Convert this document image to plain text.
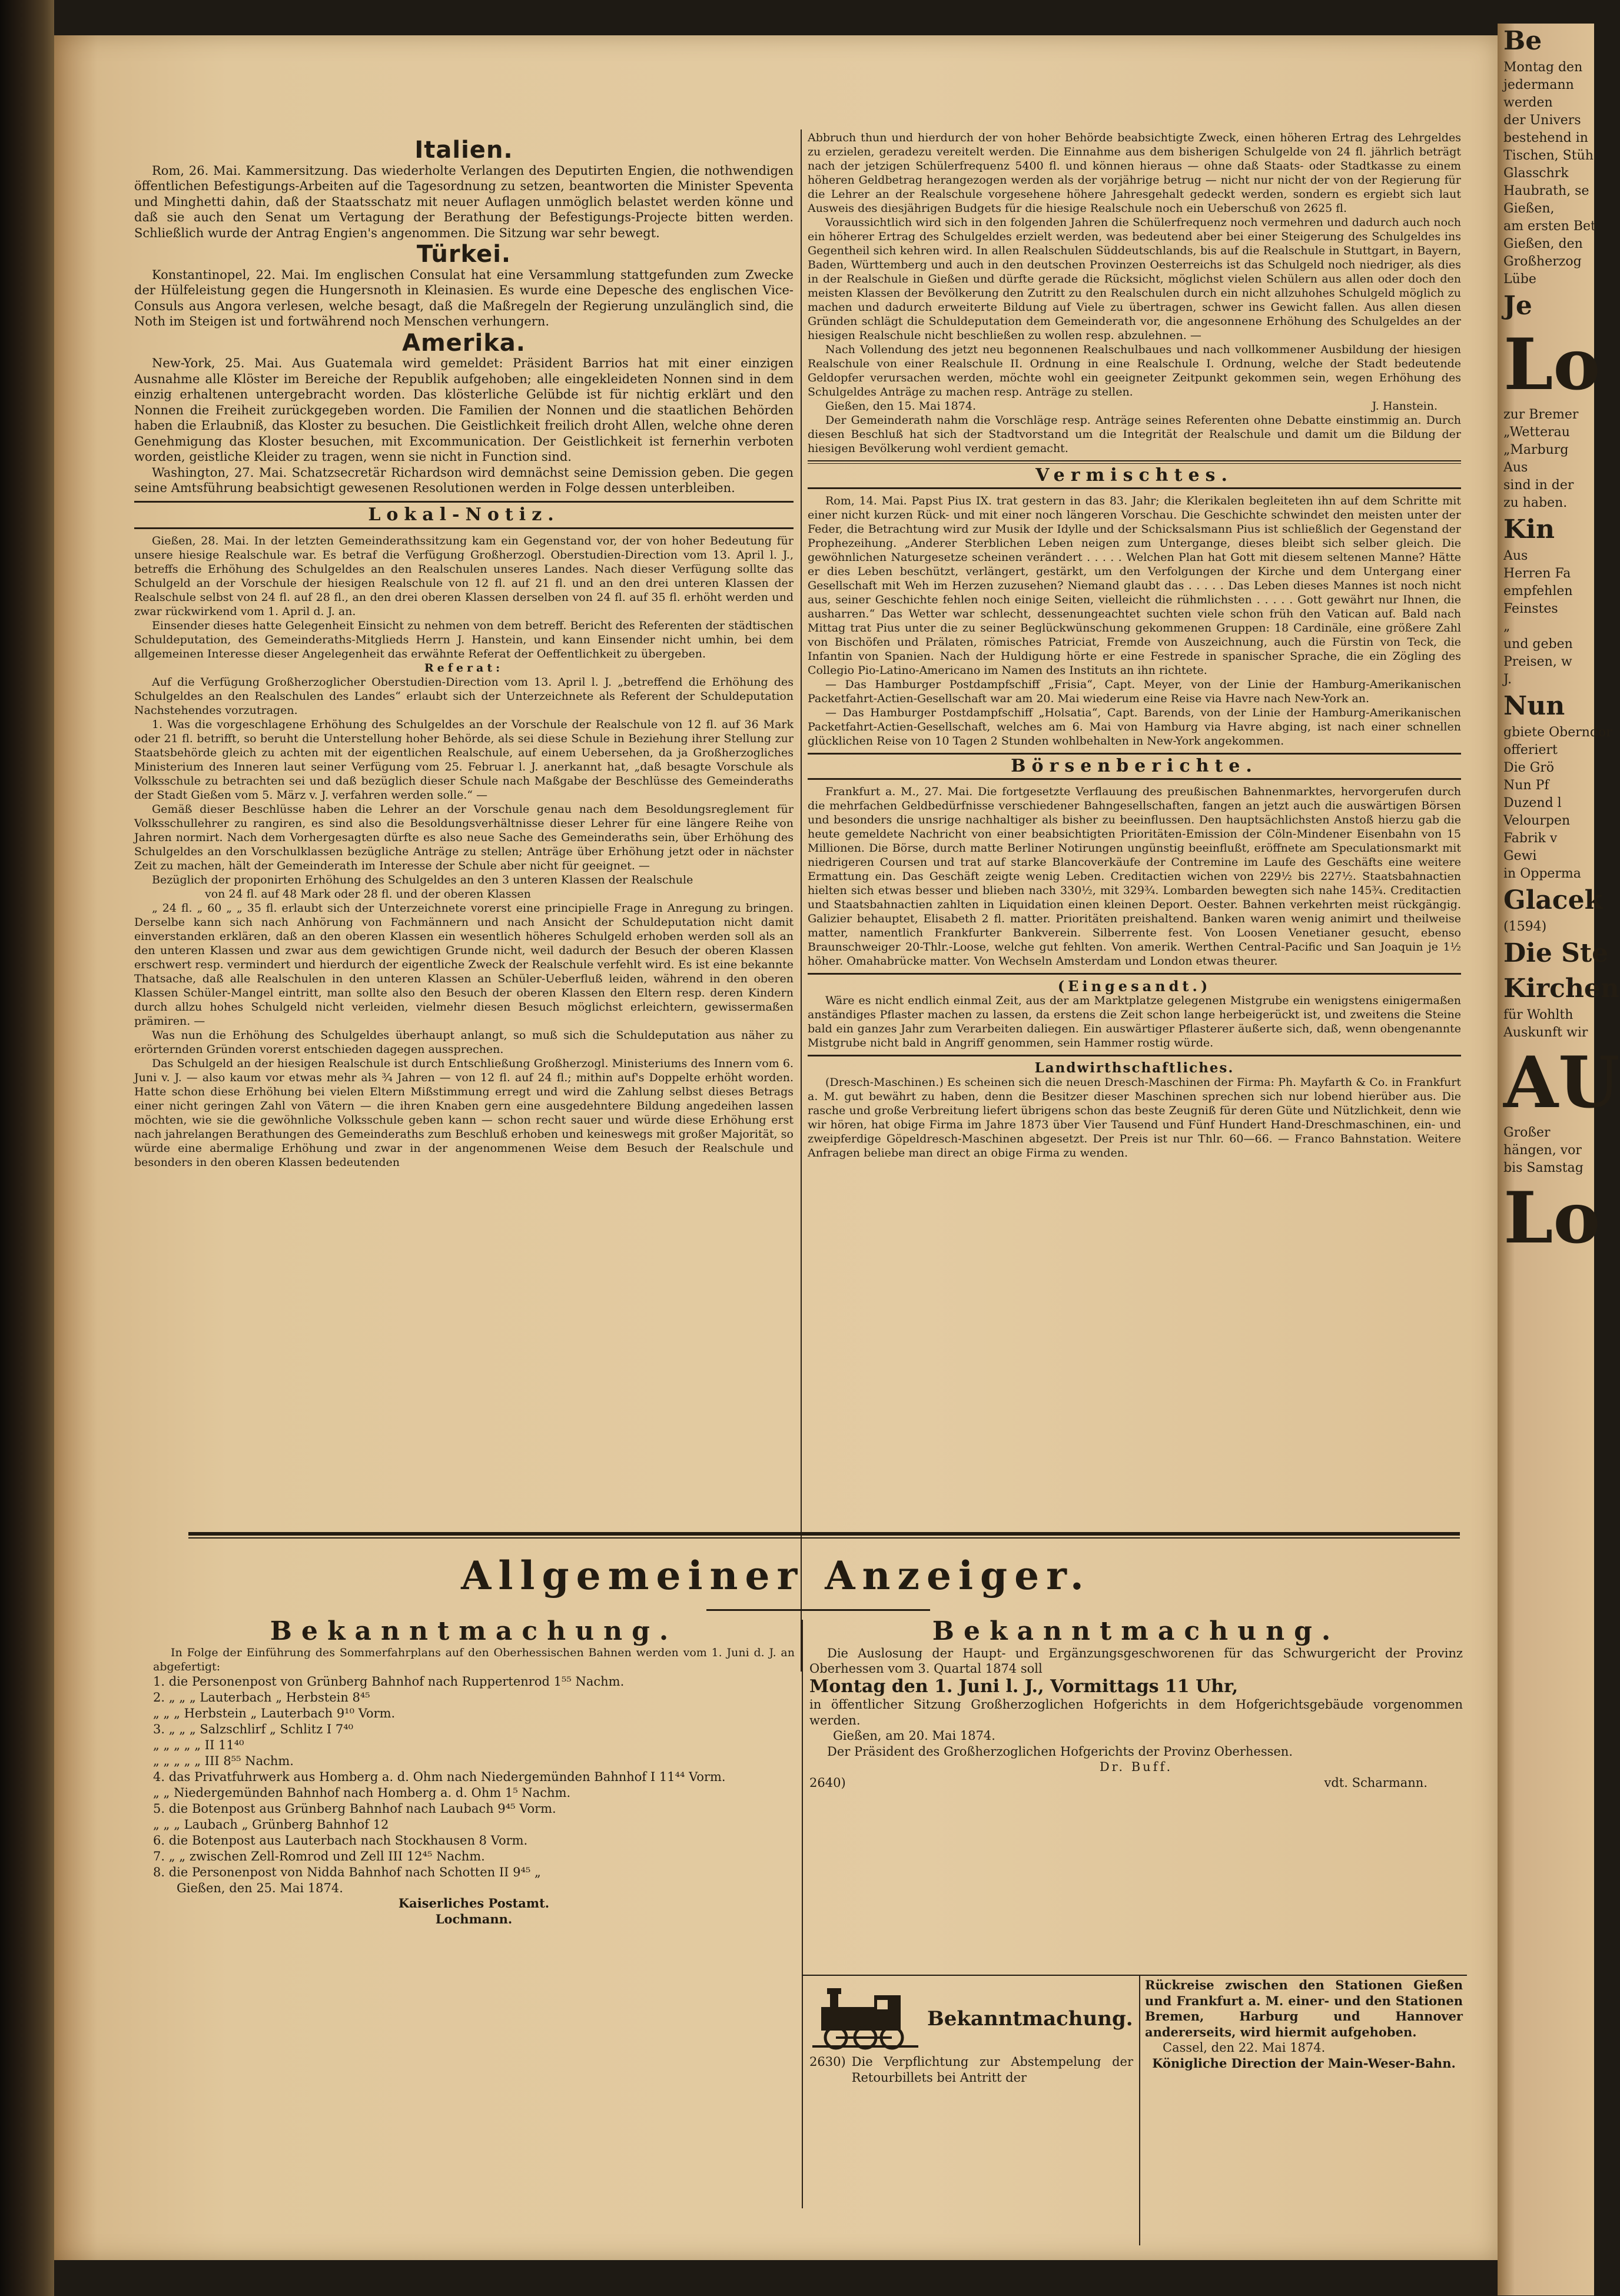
Italien.

Rom, 26. Mai. Kammersitzung. Das wiederholte Verlangen des Deputirten Engien, die nothwendigen öffentlichen Befestigungs-Arbeiten auf die Tagesordnung zu setzen, beantworten die Minister Speventa und Minghetti dahin, daß der Staatsschatz mit neuer Auflagen unmöglich belastet werden könne und daß sie auch den Senat um Vertagung der Berathung der Befestigungs-Projecte bitten werden. Schließlich wurde der Antrag Engien's angenommen. Die Sitzung war sehr bewegt.

Türkei.

Konstantinopel, 22. Mai. Im englischen Consulat hat eine Versammlung stattgefunden zum Zwecke der Hülfeleistung gegen die Hungersnoth in Kleinasien. Es wurde eine Depesche des englischen Vice-Consuls aus Angora verlesen, welche besagt, daß die Maßregeln der Regierung unzulänglich sind, die Noth im Steigen ist und fortwährend noch Menschen verhungern.

Amerika.

New-York, 25. Mai. Aus Guatemala wird gemeldet: Präsident Barrios hat mit einer einzigen Ausnahme alle Klöster im Bereiche der Republik aufgehoben; alle eingekleideten Nonnen sind in dem einzig erhaltenen untergebracht worden. Das klösterliche Gelübde ist für nichtig erklärt und den Nonnen die Freiheit zurückgegeben worden. Die Familien der Nonnen und die staatlichen Behörden haben die Erlaubniß, das Kloster zu besuchen. Die Geistlichkeit freilich droht Allen, welche ohne deren Genehmigung das Kloster besuchen, mit Excommunication. Der Geistlichkeit ist fernerhin verboten worden, geistliche Kleider zu tragen, wenn sie nicht in Function sind.

Washington, 27. Mai. Schatzsecretär Richardson wird demnächst seine Demission geben. Die gegen seine Amtsführung beabsichtigt gewesenen Resolutionen werden in Folge dessen unterbleiben.

Lokal-Notiz.

Gießen, 28. Mai. In der letzten Gemeinderathssitzung kam ein Gegenstand vor, der von hoher Bedeutung für unsere hiesige Realschule war. Es betraf die Verfügung Großherzogl. Oberstudien-Direction vom 13. April l. J., betreffs die Erhöhung des Schulgeldes an den Realschulen unseres Landes. Nach dieser Verfügung sollte das Schulgeld an der Vorschule der hiesigen Realschule von 12 fl. auf 21 fl. und an den drei unteren Klassen der Realschule selbst von 24 fl. auf 28 fl., an den drei oberen Klassen derselben von 24 fl. auf 35 fl. erhöht werden und zwar rückwirkend vom 1. April d. J. an.

Einsender dieses hatte Gelegenheit Einsicht zu nehmen von dem betreff. Bericht des Referenten der städtischen Schuldeputation, des Gemeinderaths-Mitglieds Herrn J. Hanstein, und kann Einsender nicht umhin, bei dem allgemeinen Interesse dieser Angelegenheit das erwähnte Referat der Oeffentlichkeit zu übergeben.

Referat:

Auf die Verfügung Großherzoglicher Oberstudien-Direction vom 13. April l. J. „betreffend die Erhöhung des Schulgeldes an den Realschulen des Landes“ erlaubt sich der Unterzeichnete als Referent der Schuldeputation Nachstehendes vorzutragen.

1. Was die vorgeschlagene Erhöhung des Schulgeldes an der Vorschule der Realschule von 12 fl. auf 36 Mark oder 21 fl. betrifft, so beruht die Unterstellung hoher Behörde, als sei diese Schule in Beziehung ihrer Stellung zur Staatsbehörde gleich zu achten mit der eigentlichen Realschule, auf einem Uebersehen, da ja Großherzogliches Ministerium des Inneren laut seiner Verfügung vom 25. Februar l. J. anerkannt hat, „daß besagte Vorschule als Volksschule zu betrachten sei und daß bezüglich dieser Schule nach Maßgabe der Beschlüsse des Gemeinderaths der Stadt Gießen vom 5. März v. J. verfahren werden solle.“ —

Gemäß dieser Beschlüsse haben die Lehrer an der Vorschule genau nach dem Besoldungsreglement für Volksschullehrer zu rangiren, es sind also die Besoldungsverhältnisse dieser Lehrer für eine längere Reihe von Jahren normirt. Nach dem Vorhergesagten dürfte es also neue Sache des Gemeinderaths sein, über Erhöhung des Schulgeldes an den Vorschulklassen bezügliche Anträge zu stellen; Anträge über Erhöhung jetzt oder in nächster Zeit zu machen, hält der Gemeinderath im Interesse der Schule aber nicht für geeignet. —

Bezüglich der proponirten Erhöhung des Schulgeldes an den 3 unteren Klassen der Realschule

von 24 fl. auf 48 Mark oder 28 fl. und der oberen Klassen

„ 24 fl. „ 60 „ „ 35 fl. erlaubt sich der Unterzeichnete vorerst eine principielle Frage in Anregung zu bringen. Derselbe kann sich nach Anhörung von Fachmännern und nach Ansicht der Schuldeputation nicht damit einverstanden erklären, daß an den oberen Klassen ein wesentlich höheres Schulgeld erhoben werden soll als an den unteren Klassen und zwar aus dem gewichtigen Grunde nicht, weil dadurch der Besuch der oberen Klassen erschwert resp. vermindert und hierdurch der eigentliche Zweck der Realschule verfehlt wird. Es ist eine bekannte Thatsache, daß alle Realschulen in den unteren Klassen an Schüler-Ueberfluß leiden, während in den oberen Klassen Schüler-Mangel eintritt, man sollte also den Besuch der oberen Klassen den Eltern resp. deren Kindern durch allzu hohes Schulgeld nicht verleiden, vielmehr diesen Besuch möglichst erleichtern, gewissermaßen prämiren. —

Was nun die Erhöhung des Schulgeldes überhaupt anlangt, so muß sich die Schuldeputation aus näher zu erörternden Gründen vorerst entschieden dagegen aussprechen.

Das Schulgeld an der hiesigen Realschule ist durch Entschließung Großherzogl. Ministeriums des Innern vom 6. Juni v. J. — also kaum vor etwas mehr als ¾ Jahren — von 12 fl. auf 24 fl.; mithin auf's Doppelte erhöht worden. Hatte schon diese Erhöhung bei vielen Eltern Mißstimmung erregt und wird die Zahlung selbst dieses Betrags einer nicht geringen Zahl von Vätern — die ihren Knaben gern eine ausgedehntere Bildung angedeihen lassen möchten, wie sie die gewöhnliche Volksschule geben kann — schon recht sauer und würde diese Erhöhung erst nach jahrelangen Berathungen des Gemeinderaths zum Beschluß erhoben und keineswegs mit großer Majorität, so würde eine abermalige Erhöhung und zwar in der angenommenen Weise dem Besuch der Realschule und besonders in den oberen Klassen bedeutenden

Abbruch thun und hierdurch der von hoher Behörde beabsichtigte Zweck, einen höheren Ertrag des Lehrgeldes zu erzielen, geradezu vereitelt werden. Die Einnahme aus dem bisherigen Schulgelde von 24 fl. jährlich beträgt nach der jetzigen Schülerfrequenz 5400 fl. und können hieraus — ohne daß Staats- oder Stadtkasse zu einem höheren Geldbetrag herangezogen werden als der vorjährige betrug — nicht nur nicht der von der Regierung für die Lehrer an der Realschule vorgesehene höhere Jahresgehalt gedeckt werden, sondern es ergiebt sich laut Ausweis des diesjährigen Budgets für die hiesige Realschule noch ein Ueberschuß von 2625 fl.

Voraussichtlich wird sich in den folgenden Jahren die Schülerfrequenz noch vermehren und dadurch auch noch ein höherer Ertrag des Schulgeldes erzielt werden, was bedeutend aber bei einer Steigerung des Schulgeldes ins Gegentheil sich kehren wird. In allen Realschulen Süddeutschlands, bis auf die Realschule in Stuttgart, in Bayern, Baden, Württemberg und auch in den deutschen Provinzen Oesterreichs ist das Schulgeld noch niedriger, als dies in der Realschule in Gießen und dürfte gerade die Rücksicht, möglichst vielen Schülern aus allen oder doch den meisten Klassen der Bevölkerung den Zutritt zu den Realschulen durch ein nicht allzuhohes Schulgeld möglich zu machen und dadurch erweiterte Bildung auf Viele zu übertragen, schwer ins Gewicht fallen. Aus allen diesen Gründen schlägt die Schuldeputation dem Gemeinderath vor, die angesonnene Erhöhung des Schulgeldes an der hiesigen Realschule nicht beschließen zu wollen resp. abzulehnen. —

Nach Vollendung des jetzt neu begonnenen Realschulbaues und nach vollkommener Ausbildung der hiesigen Realschule von einer Realschule II. Ordnung in eine Realschule I. Ordnung, welche der Stadt bedeutende Geldopfer verursachen werden, möchte wohl ein geeigneter Zeitpunkt gekommen sein, wegen Erhöhung des Schulgeldes Anträge zu machen resp. Anträge zu stellen.

Gießen, den 15. Mai 1874.	J. Hanstein.

Der Gemeinderath nahm die Vorschläge resp. Anträge seines Referenten ohne Debatte einstimmig an. Durch diesen Beschluß hat sich der Stadtvorstand um die Integrität der Realschule und damit um die Bildung der hiesigen Bevölkerung wohl verdient gemacht.

Vermischtes.

Rom, 14. Mai. Papst Pius IX. trat gestern in das 83. Jahr; die Klerikalen begleiteten ihn auf dem Schritte mit einer nicht kurzen Rück- und mit einer noch längeren Vorschau. Die Geschichte schwindet den meisten unter der Feder, die Betrachtung wird zur Musik der Idylle und der Schicksalsmann Pius ist schließlich der Gegenstand der Prophezeihung. „Anderer Sterblichen Leben neigen zum Untergange, dieses bleibt sich selber gleich. Die gewöhnlichen Naturgesetze scheinen verändert . . . . . Welchen Plan hat Gott mit diesem seltenen Manne? Hätte er dies Leben beschützt, verlängert, gestärkt, um den Verfolgungen der Kirche und dem Untergang einer Gesellschaft mit Weh im Herzen zuzusehen? Niemand glaubt das . . . . . Das Leben dieses Mannes ist noch nicht aus, seiner Geschichte fehlen noch einige Seiten, vielleicht die rühmlichsten . . . . . Gott gewährt nur Ihnen, die ausharren.“ Das Wetter war schlecht, dessenungeachtet suchten viele schon früh den Vatican auf. Bald nach Mittag trat Pius unter die zu seiner Beglückwünschung gekommenen Gruppen: 18 Cardinäle, eine größere Zahl von Bischöfen und Prälaten, römisches Patriciat, Fremde von Auszeichnung, auch die Fürstin von Teck, die Infantin von Spanien. Nach der Huldigung hörte er eine Festrede in spanischer Sprache, die ein Zögling des Collegio Pio-Latino-Americano im Namen des Instituts an ihn richtete.

— Das Hamburger Postdampfschiff „Frisia“, Capt. Meyer, von der Linie der Hamburg-Amerikanischen Packetfahrt-Actien-Gesellschaft war am 20. Mai wiederum eine Reise via Havre nach New-York an.

— Das Hamburger Postdampfschiff „Holsatia“, Capt. Barends, von der Linie der Hamburg-Amerikanischen Packetfahrt-Actien-Gesellschaft, welches am 6. Mai von Hamburg via Havre abging, ist nach einer schnellen glücklichen Reise von 10 Tagen 2 Stunden wohlbehalten in New-York angekommen.

Börsenberichte.

Frankfurt a. M., 27. Mai. Die fortgesetzte Verflauung des preußischen Bahnenmarktes, hervorgerufen durch die mehrfachen Geldbedürfnisse verschiedener Bahngesellschaften, fangen an jetzt auch die auswärtigen Börsen und besonders die unsrige nachhaltiger als bisher zu beeinflussen. Den hauptsächlichsten Anstoß hierzu gab die heute gemeldete Nachricht von einer beabsichtigten Prioritäten-Emission der Cöln-Mindener Eisenbahn von 15 Millionen. Die Börse, durch matte Berliner Notirungen ungünstig beeinflußt, eröffnete am Speculationsmarkt mit niedrigeren Coursen und trat auf starke Blancoverkäufe der Contremine im Laufe des Geschäfts eine weitere Ermattung ein. Das Geschäft zeigte wenig Leben. Creditactien wichen von 229½ bis 227½. Staatsbahnactien hielten sich etwas besser und blieben nach 330½, mit 329¾. Lombarden bewegten sich nahe 145¾. Creditactien und Staatsbahnactien zahlten in Liquidation einen kleinen Deport. Oester. Bahnen verkehrten meist rückgängig. Galizier behauptet, Elisabeth 2 fl. matter. Prioritäten preishaltend. Banken waren wenig animirt und theilweise matter, namentlich Frankfurter Bankverein. Silberrente fest. Von Loosen Venetianer gesucht, ebenso Braunschweiger 20-Thlr.-Loose, welche gut fehlten. Von amerik. Werthen Central-Pacific und San Joaquin je 1½ höher. Omahabrücke matter. Von Wechseln Amsterdam und London etwas theurer.

(Eingesandt.)

Wäre es nicht endlich einmal Zeit, aus der am Marktplatze gelegenen Mistgrube ein wenigstens einigermaßen anständiges Pflaster machen zu lassen, da erstens die Zeit schon lange herbeigerückt ist, und zweitens die Steine bald ein ganzes Jahr zum Verarbeiten daliegen. Ein auswärtiger Pflasterer äußerte sich, daß, wenn obengenannte Mistgrube nicht bald in Angriff genommen, sein Hammer rostig würde.

Landwirthschaftliches.

(Dresch-Maschinen.) Es scheinen sich die neuen Dresch-Maschinen der Firma: Ph. Mayfarth & Co. in Frankfurt a. M. gut bewährt zu haben, denn die Besitzer dieser Maschinen sprechen sich nur lobend hierüber aus. Die rasche und große Verbreitung liefert übrigens schon das beste Zeugniß für deren Güte und Nützlichkeit, denn wie wir hören, hat obige Firma im Jahre 1873 über Vier Tausend und Fünf Hundert Hand-Dreschmaschinen, ein- und zweipferdige Göpeldresch-Maschinen abgesetzt. Der Preis ist nur Thlr. 60—66. — Franco Bahnstation. Weitere Anfragen beliebe man direct an obige Firma zu wenden.

Allgemeiner Anzeiger.
Bekanntmachung.

In Folge der Einführung des Sommerfahrplans auf den Oberhessischen Bahnen werden vom 1. Juni d. J. an abgefertigt:

1. die Personenpost von Grünberg Bahnhof nach Ruppertenrod 1⁵⁵ Nachm.
2. „ „ „ Lauterbach „ Herbstein 8⁴⁵
„ „ „ Herbstein „ Lauterbach 9¹⁰ Vorm.
3. „ „ „ Salzschlirf „ Schlitz I 7⁴⁰
„ „ „ „ „ II 11⁴⁰
„ „ „ „ „ III 8⁵⁵ Nachm.
4. das Privatfuhrwerk aus Homberg a. d. Ohm nach Niedergemünden Bahnhof I 11⁴⁴ Vorm.
„ „ Niedergemünden Bahnhof nach Homberg a. d. Ohm 1⁵ Nachm.
5. die Botenpost aus Grünberg Bahnhof nach Laubach 9⁴⁵ Vorm.
„ „ „ Laubach „ Grünberg Bahnhof 12
6. die Botenpost aus Lauterbach nach Stockhausen 8 Vorm.
7. „ „ zwischen Zell-Romrod und Zell III 12⁴⁵ Nachm.
8. die Personenpost von Nidda Bahnhof nach Schotten II 9⁴⁵ „
Gießen, den 25. Mai 1874.
Kaiserliches Postamt.
Lochmann.
Bekanntmachung.

Die Auslosung der Haupt- und Ergänzungsgeschworenen für das Schwurgericht der Provinz Oberhessen vom 3. Quartal 1874 soll

Montag den 1. Juni l. J., Vormittags 11 Uhr,

in öffentlicher Sitzung Großherzoglichen Hofgerichts in dem Hofgerichtsgebäude vorgenommen werden.

Gießen, am 20. Mai 1874.

Der Präsident des Großherzoglichen Hofgerichts der Provinz Oberhessen.

Dr. Buff.
2640)	vdt. Scharmann.
Bekanntmachung.
2630) Die Verpflichtung zur Abstempelung der Retourbillets bei Antritt der

Rückreise zwischen den Stationen Gießen und Frankfurt a. M. einer- und den Stationen Bremen, Harburg und Hannover andererseits, wird hiermit aufgehoben.

Cassel, den 22. Mai 1874.
Königliche Direction der Main-Weser-Bahn.
Be
Montag den
jedermann
werden
der Univers
bestehend in
Tischen, Stüh
Glasschrk
Haubrath, se
Gießen,
am ersten Bet
Gießen, den
Großherzog
Lübe
Je
Lo
zur Bremer
„Wetterau
„Marburg
Aus
sind in der
zu haben.
Kin
Aus
Herren Fa
empfehlen
Feinstes
„
und geben
Preisen, w
J.
Nun
gbiete Oberndor
offeriert
Die Grö
Nun Pf
Duzend l
Velourpen
Fabrik v
Gewi
in Opperma
Glacek
(1594)
Die Ste
Kirchen
für Wohlth
Auskunft wir
AU
Großer
hängen, vor
bis Samstag
Lo
